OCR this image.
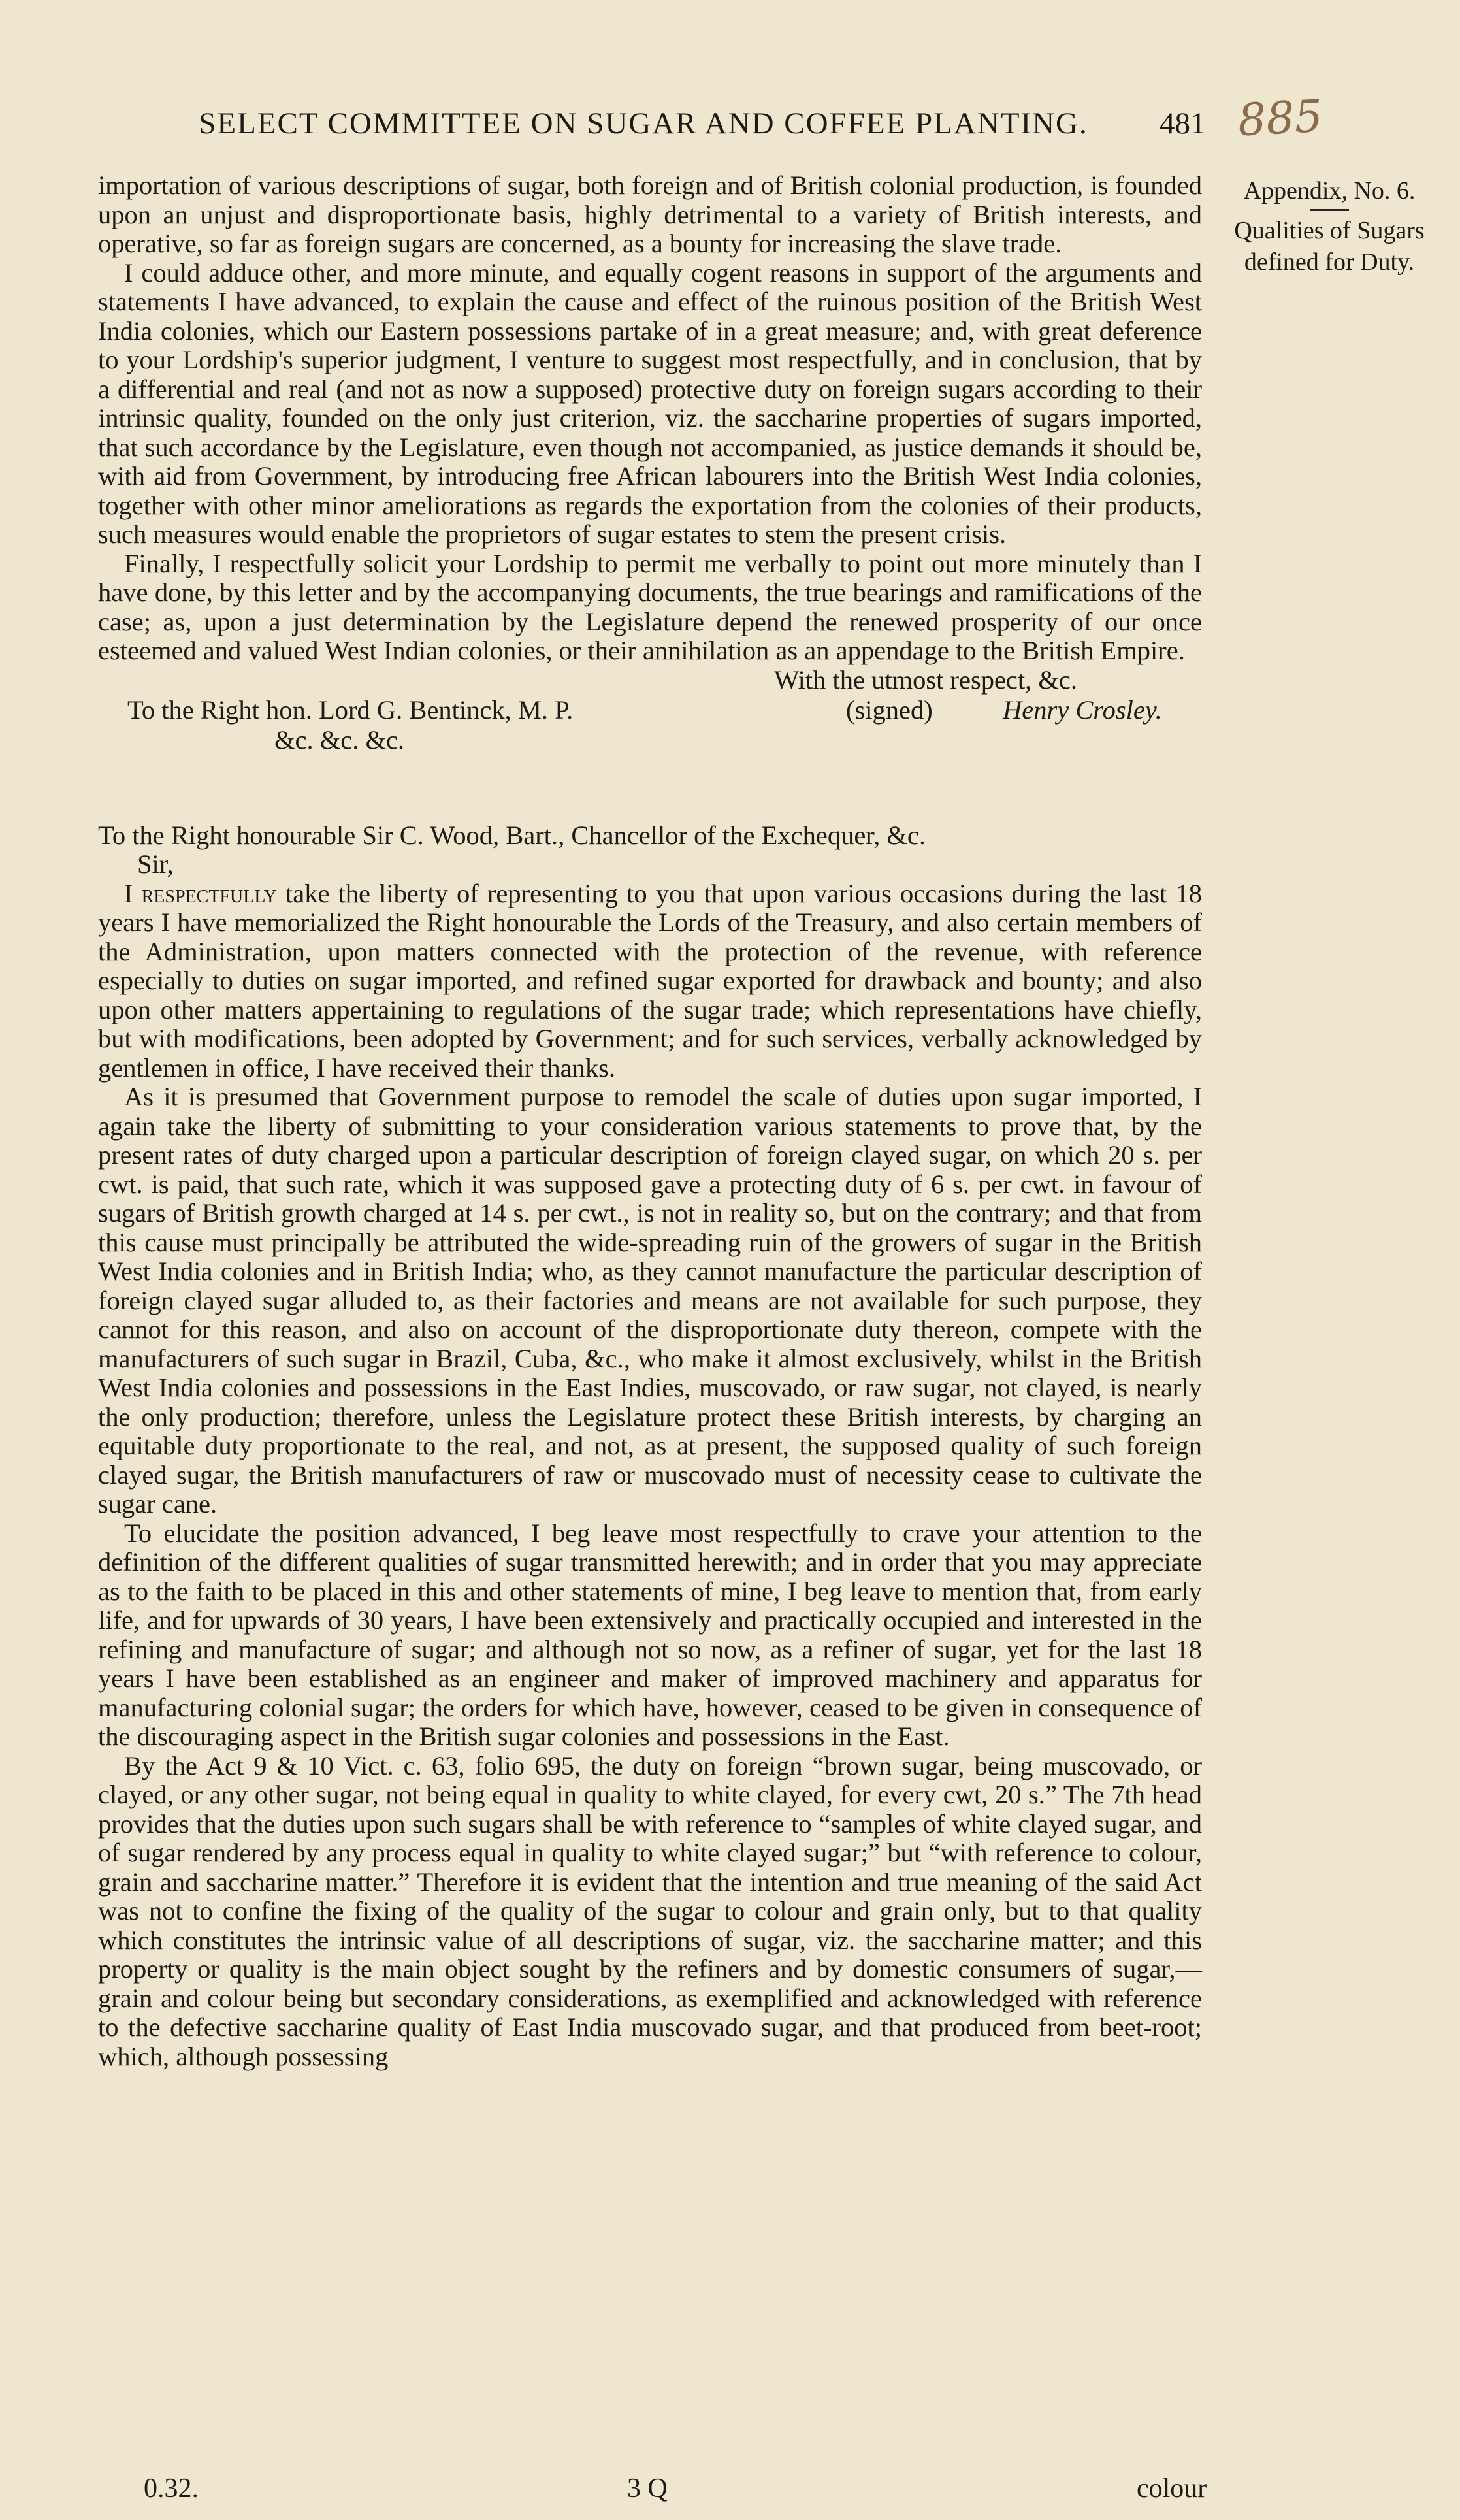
SELECT COMMITTEE ON SUGAR AND COFFEE PLANTING.	481 885
Appendix, No. 6.
Qualities of Sugars
defined for Duty.

importation of various descriptions of sugar, both foreign and of British colonial production, is founded upon an unjust and disproportionate basis, highly detrimental to a variety of British interests, and operative, so far as foreign sugars are concerned, as a bounty for increasing the slave trade.

I could adduce other, and more minute, and equally cogent reasons in support of the arguments and statements I have advanced, to explain the cause and effect of the ruinous position of the British West India colonies, which our Eastern possessions partake of in a great measure; and, with great deference to your Lordship's superior judgment, I venture to suggest most respectfully, and in conclusion, that by a differential and real (and not as now a supposed) protective duty on foreign sugars according to their intrinsic quality, founded on the only just criterion, viz. the saccharine properties of sugars imported, that such accordance by the Legislature, even though not accompanied, as justice demands it should be, with aid from Government, by introducing free African labourers into the British West India colonies, together with other minor ameliorations as regards the exportation from the colonies of their products, such measures would enable the proprietors of sugar estates to stem the present crisis.

Finally, I respectfully solicit your Lordship to permit me verbally to point out more minutely than I have done, by this letter and by the accompanying documents, the true bearings and ramifications of the case; as, upon a just determination by the Legislature depend the renewed prosperity of our once esteemed and valued West Indian colonies, or their annihilation as an appendage to the British Empire.

With the utmost respect, &c.
To the Right hon. Lord G. Bentinck, M. P.	(signed)	Henry Crosley.
&c. &c. &c.

To the Right honourable Sir C. Wood, Bart., Chancellor of the Exchequer, &c.

Sir,

I respectfully take the liberty of representing to you that upon various occasions during the last 18 years I have memorialized the Right honourable the Lords of the Treasury, and also certain members of the Administration, upon matters connected with the protection of the revenue, with reference especially to duties on sugar imported, and refined sugar exported for drawback and bounty; and also upon other matters appertaining to regulations of the sugar trade; which representations have chiefly, but with modifications, been adopted by Government; and for such services, verbally acknowledged by gentlemen in office, I have received their thanks.

As it is presumed that Government purpose to remodel the scale of duties upon sugar imported, I again take the liberty of submitting to your consideration various statements to prove that, by the present rates of duty charged upon a particular description of foreign clayed sugar, on which 20 s. per cwt. is paid, that such rate, which it was supposed gave a protecting duty of 6 s. per cwt. in favour of sugars of British growth charged at 14 s. per cwt., is not in reality so, but on the contrary; and that from this cause must principally be attributed the wide-spreading ruin of the growers of sugar in the British West India colonies and in British India; who, as they cannot manufacture the particular description of foreign clayed sugar alluded to, as their factories and means are not available for such purpose, they cannot for this reason, and also on account of the disproportionate duty thereon, compete with the manufacturers of such sugar in Brazil, Cuba, &c., who make it almost exclusively, whilst in the British West India colonies and possessions in the East Indies, muscovado, or raw sugar, not clayed, is nearly the only production; therefore, unless the Legislature protect these British interests, by charging an equitable duty proportionate to the real, and not, as at present, the supposed quality of such foreign clayed sugar, the British manufacturers of raw or muscovado must of necessity cease to cultivate the sugar cane.

To elucidate the position advanced, I beg leave most respectfully to crave your attention to the definition of the different qualities of sugar transmitted herewith; and in order that you may appreciate as to the faith to be placed in this and other statements of mine, I beg leave to mention that, from early life, and for upwards of 30 years, I have been extensively and practically occupied and interested in the refining and manufacture of sugar; and although not so now, as a refiner of sugar, yet for the last 18 years I have been established as an engineer and maker of improved machinery and apparatus for manufacturing colonial sugar; the orders for which have, however, ceased to be given in consequence of the discouraging aspect in the British sugar colonies and possessions in the East.

By the Act 9 & 10 Vict. c. 63, folio 695, the duty on foreign “brown sugar, being muscovado, or clayed, or any other sugar, not being equal in quality to white clayed, for every cwt, 20 s.” The 7th head provides that the duties upon such sugars shall be with reference to “samples of white clayed sugar, and of sugar rendered by any process equal in quality to white clayed sugar;” but “with reference to colour, grain and saccharine matter.” Therefore it is evident that the intention and true meaning of the said Act was not to confine the fixing of the quality of the sugar to colour and grain only, but to that quality which constitutes the intrinsic value of all descriptions of sugar, viz. the saccharine matter; and this property or quality is the main object sought by the refiners and by domestic consumers of sugar,—grain and colour being but secondary considerations, as exemplified and acknowledged with reference to the defective saccharine quality of East India muscovado sugar, and that produced from beet-root; which, although possessing

0.32.	3 Q	colour
